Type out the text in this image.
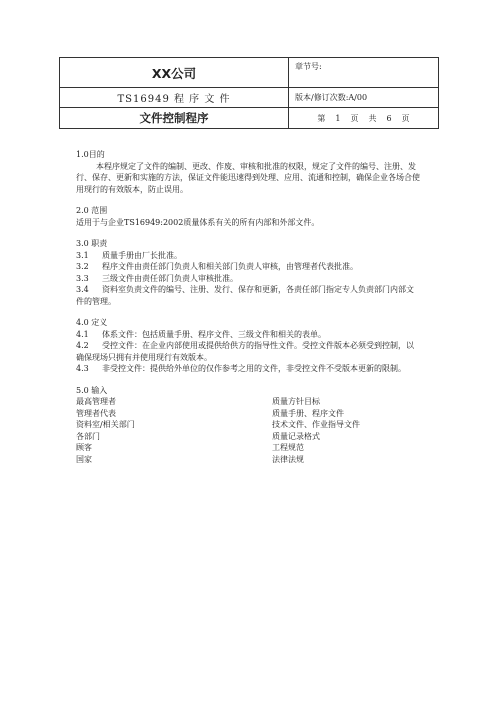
XX公司	章节号:
TS16949 程 序 文 件	版本/修订次数:A/00
文件控制程序	第 1 页 共 6 页

1.0目的

本程序规定了文件的编制、更改、作废、审核和批准的权限，规定了文件的编号、注册、发行、保存、更新和实施的方法，保证文件能迅速得到处理、应用、流通和控制，确保企业各场合使用现行的有效版本，防止误用。

2.0 范围

适用于与企业TS16949:2002质量体系有关的所有内部和外部文件。

3.0 职责

3.1 质量手册由厂长批准。

3.2 程序文件由责任部门负责人和相关部门负责人审核，由管理者代表批准。

3.3 三级文件由责任部门负责人审核批准。

3.4 资料室负责文件的编号、注册、发行、保存和更新，各责任部门指定专人负责部门内部文件的管理。

4.0 定义

4.1 体系文件：包括质量手册、程序文件、三级文件和相关的表单。

4.2 受控文件：在企业内部使用或提供给供方的指导性文件。受控文件版本必须受到控制，以确保现场只拥有并使用现行有效版本。

4.3 非受控文件：提供给外单位的仅作参考之用的文件，非受控文件不受版本更新的限制。

5.0 输入

最高管理者	质量方针目标
管理者代表	质量手册、程序文件
资料室/相关部门	技术文件、作业指导文件
各部门	质量记录格式
顾客	工程规范
国家	法律法规
